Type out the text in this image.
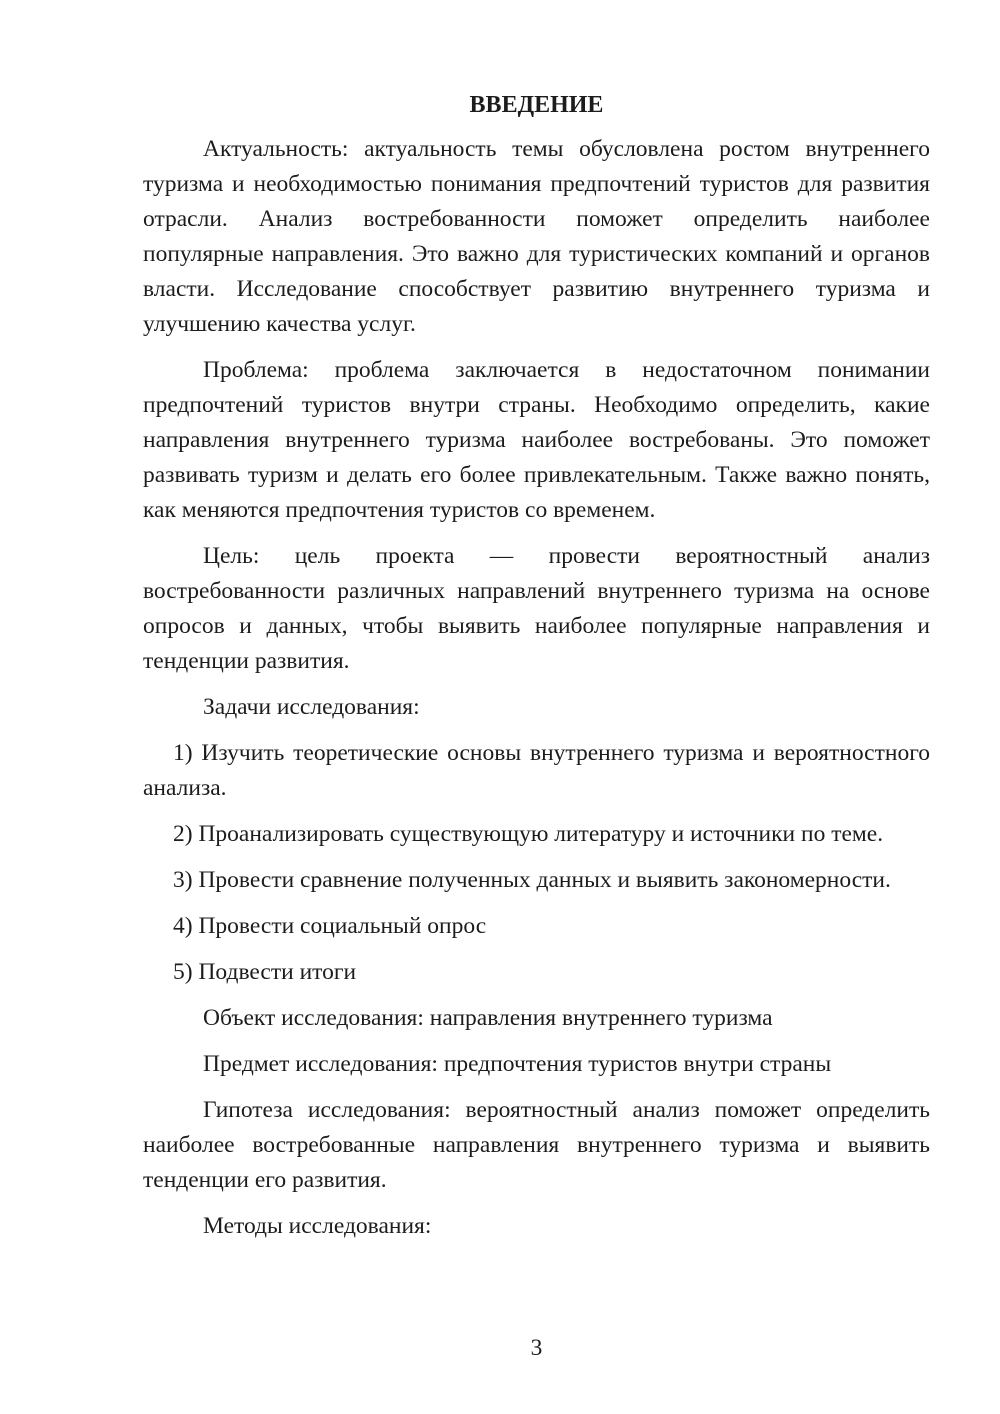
ВВЕДЕНИЕ

Актуальность: актуальность темы обусловлена ростом внутреннего туризма и необходимостью понимания предпочтений туристов для развития отрасли. Анализ востребованности поможет определить наиболее популярные направления. Это важно для туристических компаний и органов власти. Исследование способствует развитию внутреннего туризма и улучшению качества услуг.

Проблема: проблема заключается в недостаточном понимании предпочтений туристов внутри страны. Необходимо определить, какие направления внутреннего туризма наиболее востребованы. Это поможет развивать туризм и делать его более привлекательным. Также важно понять, как меняются предпочтения туристов со временем.

Цель: цель проекта — провести вероятностный анализ востребованности различных направлений внутреннего туризма на основе опросов и данных, чтобы выявить наиболее популярные направления и тенденции развития.

Задачи исследования:

1) Изучить теоретические основы внутреннего туризма и вероятностного анализа.

2) Проанализировать существующую литературу и источники по теме.

3) Провести сравнение полученных данных и выявить закономерности.

4) Провести социальный опрос

5) Подвести итоги

Объект исследования: направления внутреннего туризма

Предмет исследования: предпочтения туристов внутри страны

Гипотеза исследования: вероятностный анализ поможет определить наиболее востребованные направления внутреннего туризма и выявить тенденции его развития.

Методы исследования:

3
